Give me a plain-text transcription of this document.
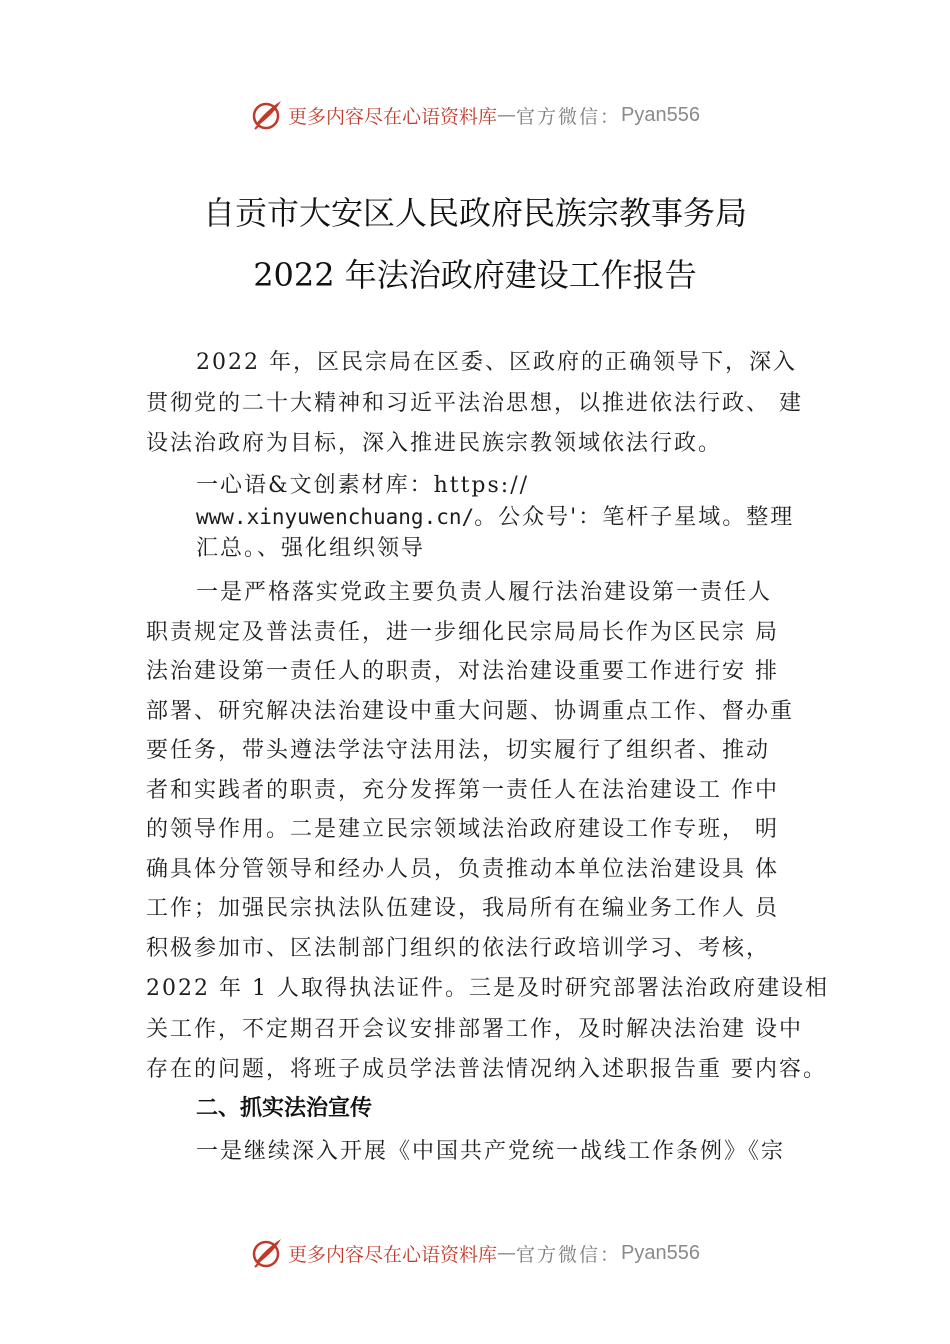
更多内容尽在心语资料库 — 官方微信： Pyan556
自贡市大安区人民政府民族宗教事务局
2022 年法治政府建设工作报告
2022 年，区民宗局在区委、区政府的正确领导下，深入
贯彻党的二十大精神和习近平法治思想，以推进依法行政、 建
设法治政府为目标，深入推进民族宗教领域依法行政。
一心语&文创素材库：https://
www.xinyuwenchuang.cn/。公众号'：笔杆子星域。整理
汇总。、强化组织领导
一是严格落实党政主要负责人履行法治建设第一责任人
职责规定及普法责任，进一步细化民宗局局长作为区民宗 局
法治建设第一责任人的职责，对法治建设重要工作进行安 排
部署、研究解决法治建设中重大问题、协调重点工作、督办重
要任务，带头遵法学法守法用法，切实履行了组织者、推动
者和实践者的职责，充分发挥第一责任人在法治建设工 作中
的领导作用。二是建立民宗领域法治政府建设工作专班， 明
确具体分管领导和经办人员，负责推动本单位法治建设具 体
工作；加强民宗执法队伍建设，我局所有在编业务工作人 员
积极参加市、区法制部门组织的依法行政培训学习、考核，
2022 年 1 人取得执法证件。三是及时研究部署法治政府建设相
关工作，不定期召开会议安排部署工作，及时解决法治建 设中
存在的问题，将班子成员学法普法情况纳入述职报告重 要内容。
二、抓实法治宣传
一是继续深入开展《中国共产党统一战线工作条例》《宗
更多内容尽在心语资料库 — 官方微信： Pyan556
